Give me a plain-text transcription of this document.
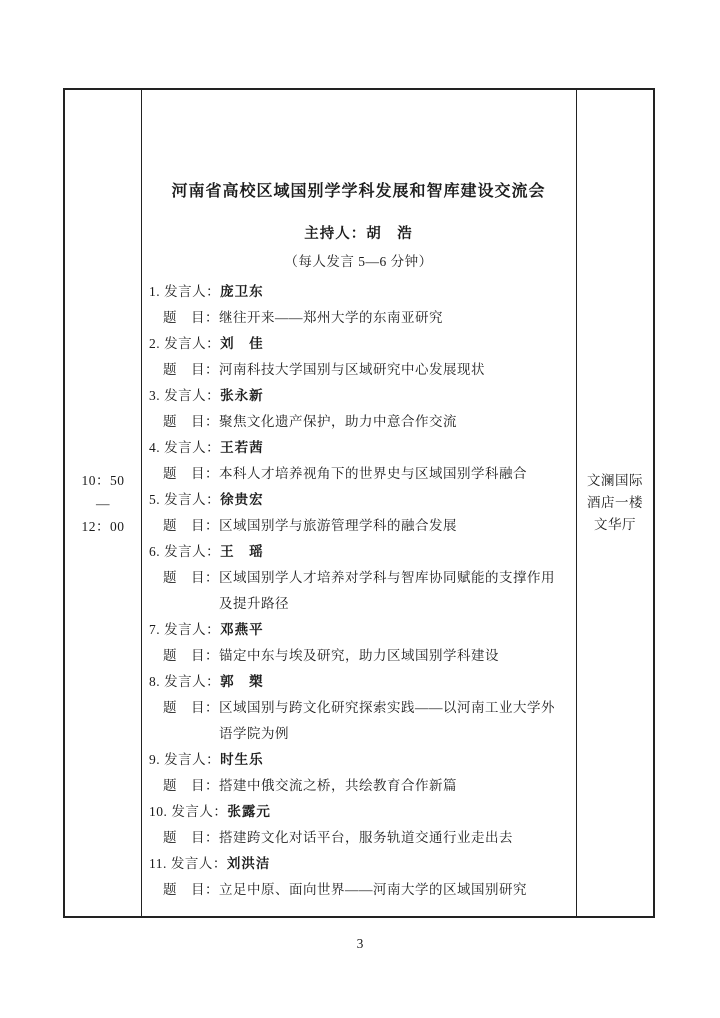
10：50
—
12：00
河南省高校区域国别学学科发展和智库建设交流会
主持人：胡　浩
（每人发言 5—6 分钟）
1. 发言人：庞卫东
题　目： 继往开来——郑州大学的东南亚研究
2. 发言人：刘　佳
题　目： 河南科技大学国别与区域研究中心发展现状
3. 发言人：张永新
题　目： 聚焦文化遗产保护，助力中意合作交流
4. 发言人：王若茜
题　目： 本科人才培养视角下的世界史与区域国别学科融合
5. 发言人：徐贵宏
题　目： 区域国别学与旅游管理学科的融合发展
6. 发言人：王　瑶
题　目： 区域国别学人才培养对学科与智库协同赋能的支撑作用及提升路径
7. 发言人：邓燕平
题　目： 锚定中东与埃及研究，助力区域国别学科建设
8. 发言人：郭　槊
题　目： 区域国别与跨文化研究探索实践——以河南工业大学外语学院为例
9. 发言人：时生乐
题　目： 搭建中俄交流之桥，共绘教育合作新篇
10. 发言人：张露元
题　目： 搭建跨文化对话平台，服务轨道交通行业走出去
11. 发言人：刘洪洁
题　目： 立足中原、面向世界——河南大学的区域国别研究
文澜国际
酒店一楼
文华厅
3
